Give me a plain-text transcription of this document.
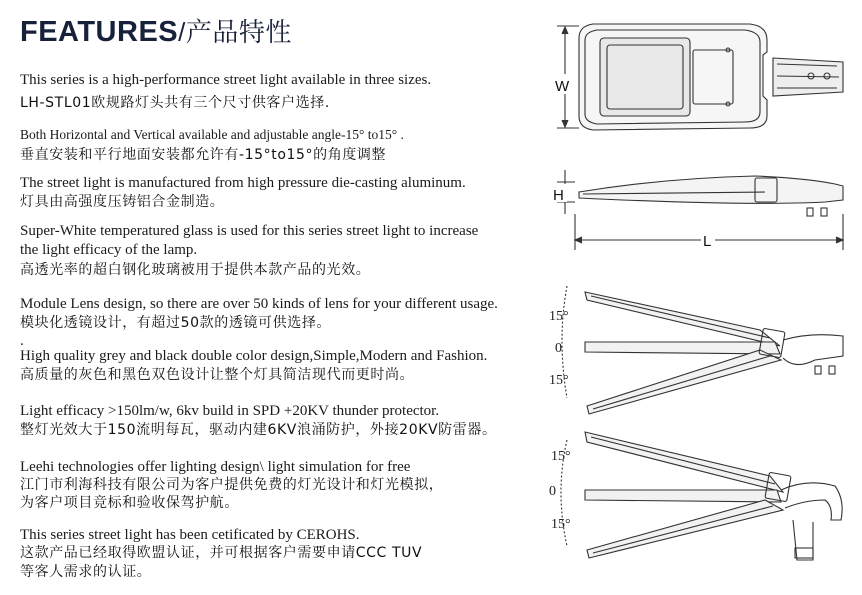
FEATURES/产品特性
This series is a high-performance street light available in three sizes.
LH-STL01欧规路灯头共有三个尺寸供客户选择.
Both Horizontal and Vertical available and adjustable angle-15° to15° .
垂直安装和平行地面安装都允许有-15°to15°的角度调整
The street light is manufactured from high pressure die-casting aluminum.
灯具由高强度压铸铝合金制造。
Super-White temperatured glass is used for this series street light to increase
the light efficacy of the lamp.
高透光率的超白钢化玻璃被用于提供本款产品的光效。
Module Lens design, so there are over 50 kinds of lens for your different usage.
模块化透镜设计，有超过50款的透镜可供选择。
.
High quality grey and black double color design,Simple,Modern and Fashion.
高质量的灰色和黑色双色设计让整个灯具简洁现代而更时尚。
Light efficacy >150lm/w, 6kv build in SPD +20KV thunder protector.
整灯光效大于150流明每瓦，驱动内建6KV浪涌防护，外接20KV防雷器。
Leehi technologies offer lighting design\ light simulation for free
江门市利海科技有限公司为客户提供免费的灯光设计和灯光模拟，
为客户项目竞标和验收保驾护航。
This series street light has been cetificated by CEROHS.
这款产品已经取得欧盟认证，并可根据客户需要申请CCC TUV
等客人需求的认证。
W
H
L
15°
0
15°
15°
0
15°
